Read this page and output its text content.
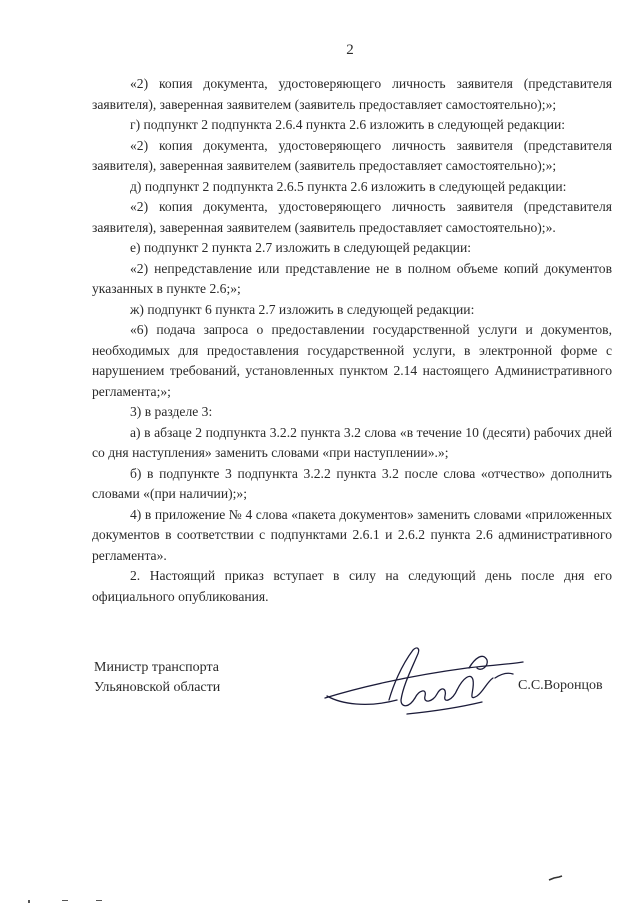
2

«2) копия документа, удостоверяющего личность заявителя (представителя заявителя), заверенная заявителем (заявитель предоставляет самостоятельно);»;

г) подпункт 2 подпункта 2.6.4 пункта 2.6 изложить в следующей редакции:

«2) копия документа, удостоверяющего личность заявителя (представителя заявителя), заверенная заявителем (заявитель предоставляет самостоятельно);»;

д) подпункт 2 подпункта 2.6.5 пункта 2.6 изложить в следующей редакции:

«2) копия документа, удостоверяющего личность заявителя (представителя заявителя), заверенная заявителем (заявитель предоставляет самостоятельно);».

е) подпункт 2 пункта 2.7 изложить в следующей редакции:

«2) непредставление или представление не в полном объеме копий документов указанных в пункте 2.6;»;

ж) подпункт 6 пункта 2.7 изложить в следующей редакции:

«6) подача запроса о предоставлении государственной услуги и документов, необходимых для предоставления государственной услуги, в электронной форме с нарушением требований, установленных пунктом 2.14 настоящего Административного регламента;»;

3) в разделе 3:

а) в абзаце 2 подпункта 3.2.2 пункта 3.2 слова «в течение 10 (десяти) рабочих дней со дня наступления» заменить словами «при наступлении».»;

б) в подпункте 3 подпункта 3.2.2 пункта 3.2 после слова «отчество» дополнить словами «(при наличии);»;

4) в приложение № 4 слова «пакета документов» заменить словами «приложенных документов в соответствии с подпунктами 2.6.1 и 2.6.2 пункта 2.6 административного регламента».

2. Настоящий приказ вступает в силу на следующий день после дня его официального опубликования.

Министр транспорта
Ульяновской области	С.С.Воронцов
